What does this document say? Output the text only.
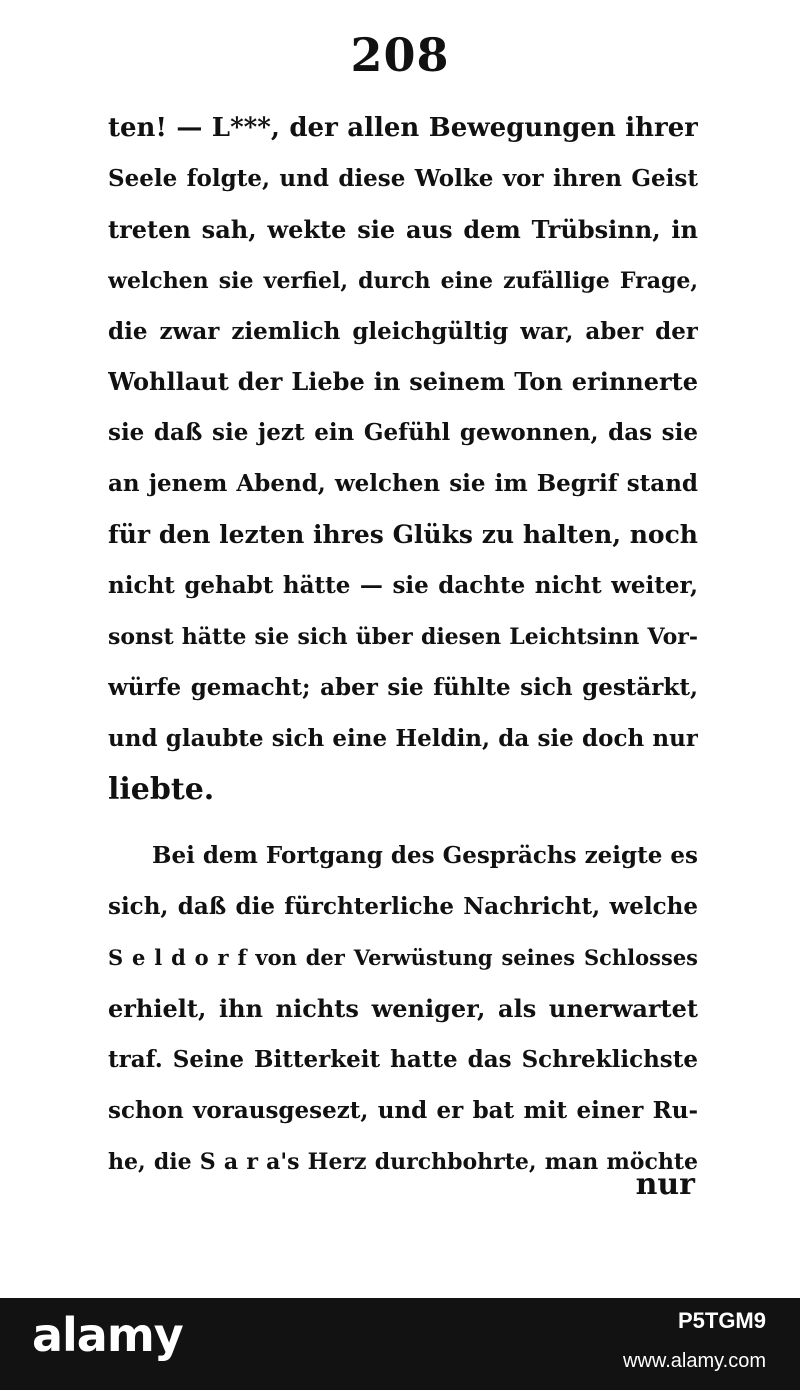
208
ten! — L***, der allen Bewegungen ihrer
Seele folgte, und diese Wolke vor ihren Geist
treten sah, wekte sie aus dem Trübsinn, in
welchen sie verfiel, durch eine zufällige Frage,
die zwar ziemlich gleichgültig war, aber der
Wohllaut der Liebe in seinem Ton erinnerte
sie daß sie jezt ein Gefühl gewonnen, das sie
an jenem Abend, welchen sie im Begrif stand
für den lezten ihres Glüks zu halten, noch
nicht gehabt hätte — sie dachte nicht weiter,
sonst hätte sie sich über diesen Leichtsinn Vor-
würfe gemacht; aber sie fühlte sich gestärkt,
und glaubte sich eine Heldin, da sie doch nur
liebte.
Bei dem Fortgang des Gesprächs zeigte es
sich, daß die fürchterliche Nachricht, welche
S e l d o r f von der Verwüstung seines Schlosses
erhielt, ihn nichts weniger, als unerwartet
traf. Seine Bitterkeit hatte das Schreklichste
schon vorausgesezt, und er bat mit einer Ru-
he, die S a r a's Herz durchbohrte, man möchte
nur
alamy	P5TGM9
www.alamy.com
